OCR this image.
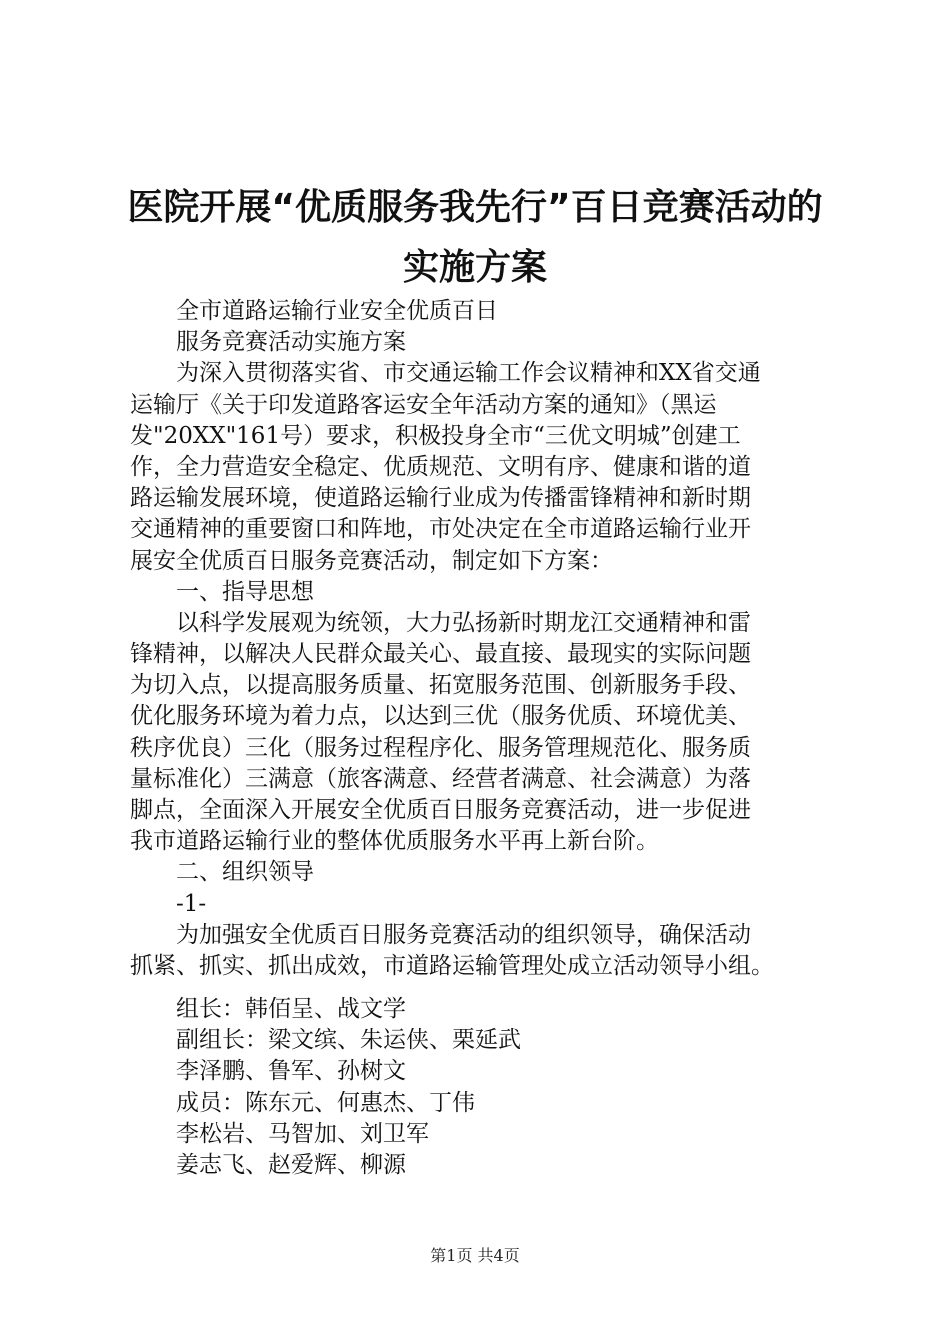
医院开展“优质服务我先行”百日竞赛活动的
实施方案
全市道路运输行业安全优质百日
服务竞赛活动实施方案
为深入贯彻落实省、市交通运输工作会议精神和XX省交通
运输厅《关于印发道路客运安全年活动方案的通知》（黑运
发"20XX"161号）要求，积极投身全市“三优文明城”创建工
作，全力营造安全稳定、优质规范、文明有序、健康和谐的道
路运输发展环境，使道路运输行业成为传播雷锋精神和新时期
交通精神的重要窗口和阵地，市处决定在全市道路运输行业开
展安全优质百日服务竞赛活动，制定如下方案：
一、指导思想
以科学发展观为统领，大力弘扬新时期龙江交通精神和雷
锋精神，以解决人民群众最关心、最直接、最现实的实际问题
为切入点，以提高服务质量、拓宽服务范围、创新服务手段、
优化服务环境为着力点，以达到三优（服务优质、环境优美、
秩序优良）三化（服务过程程序化、服务管理规范化、服务质
量标准化）三满意（旅客满意、经营者满意、社会满意）为落
脚点，全面深入开展安全优质百日服务竞赛活动，进一步促进
我市道路运输行业的整体优质服务水平再上新台阶。
二、组织领导
-1-
为加强安全优质百日服务竞赛活动的组织领导，确保活动
抓紧、抓实、抓出成效，市道路运输管理处成立活动领导小组。
组长：韩佰呈、战文学
副组长：梁文缤、朱运侠、栗延武
李泽鹏、鲁军、孙树文
成员：陈东元、何惠杰、丁伟
李松岩、马智加、刘卫军
姜志飞、赵爱辉、柳源
第1页 共4页
